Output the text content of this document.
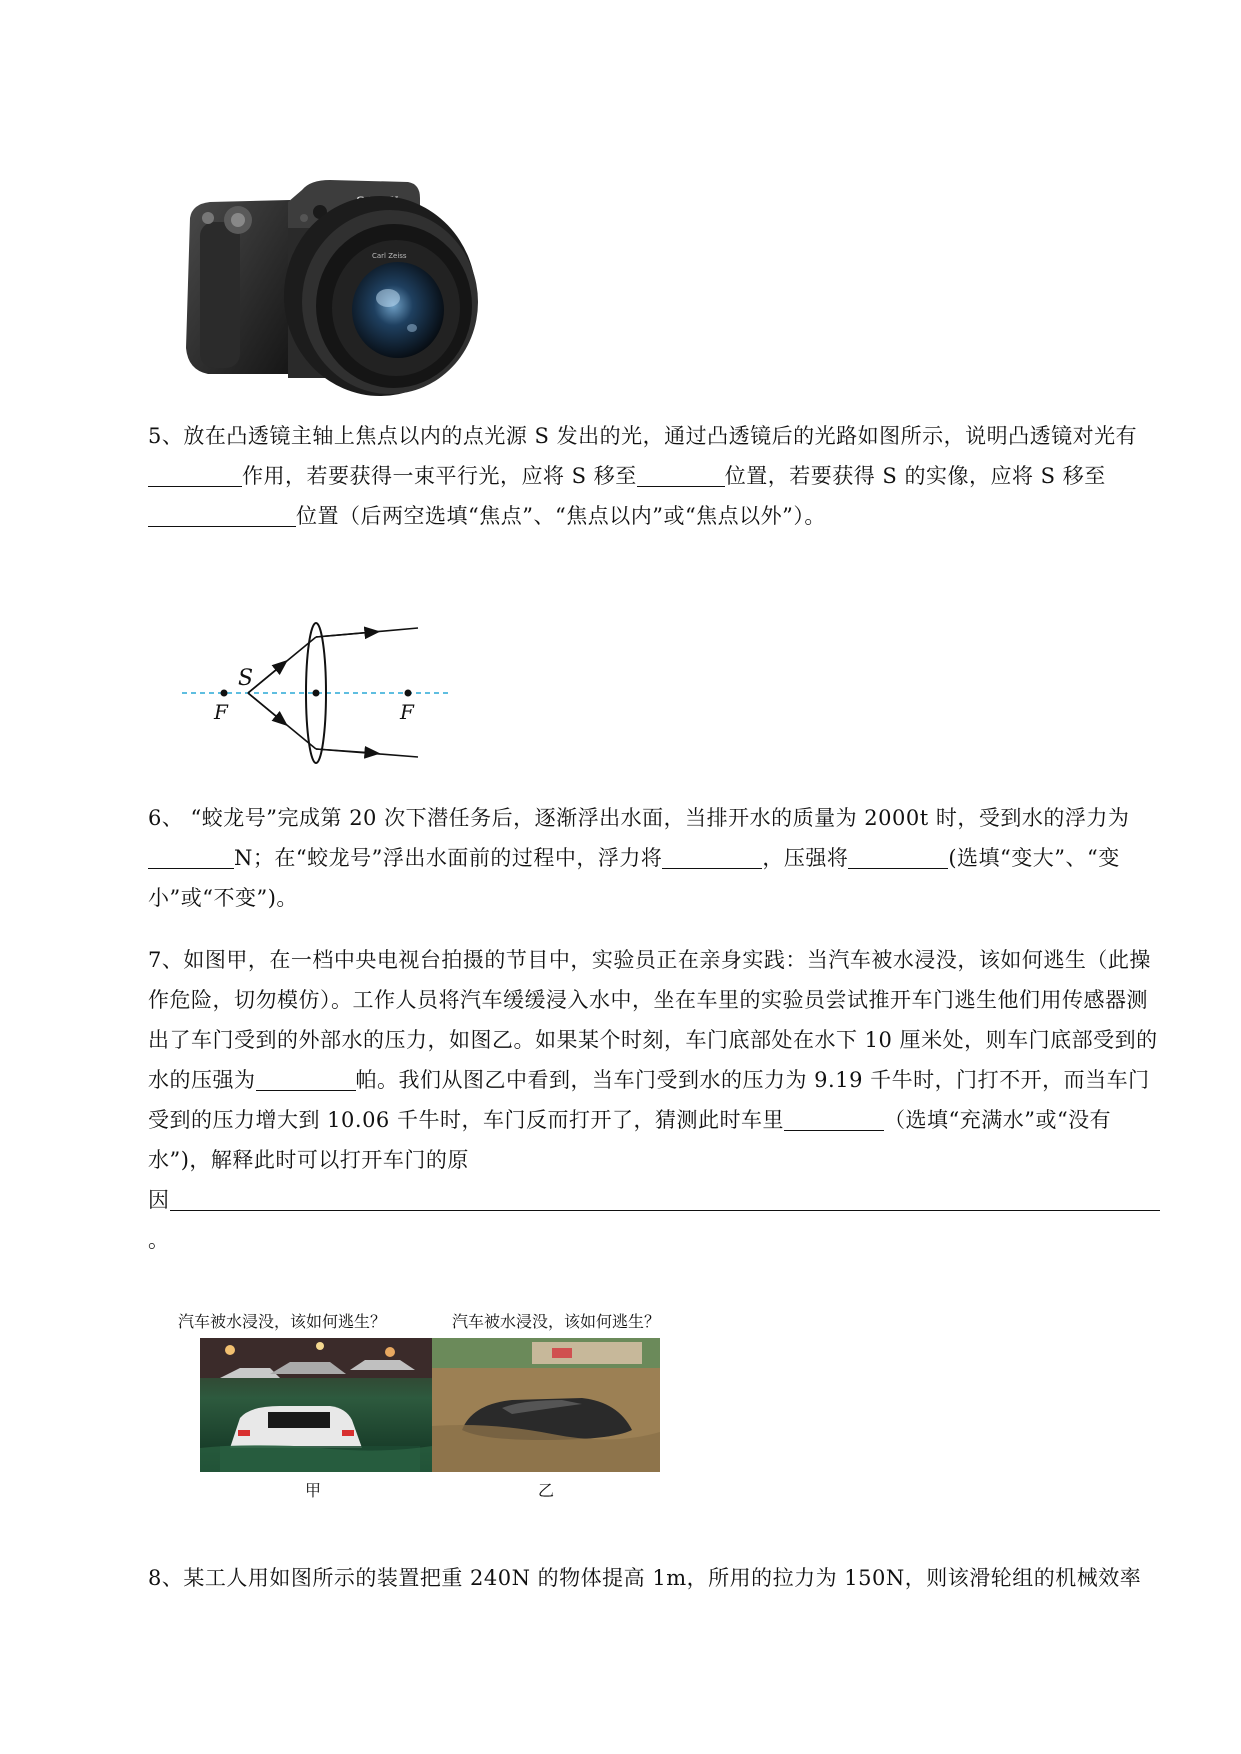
Carl Zeiss
5、放在凸透镜主轴上焦点以内的点光源 S 发出的光，通过凸透镜后的光路如图所示，说明凸透镜对光有作用，若要获得一束平行光，应将 S 移至	位置，若要获得 S 的实像，应将 S 移至位置（后两空选填“焦点”、“焦点以内”或“焦点以外”）。
S
F	F
6、 “蛟龙号”完成第 20 次下潜任务后，逐渐浮出水面，当排开水的质量为 2000t 时，受到水的浮力为N；在“蛟龙号”浮出水面前的过程中，浮力将	，压强将	(选填“变大”、“变小”或“不变”)。
7、如图甲，在一档中央电视台拍摄的节目中，实验员正在亲身实践：当汽车被水浸没，该如何逃生（此操作危险，切勿模仿）。工作人员将汽车缓缓浸入水中，坐在车里的实验员尝试推开车门逃生他们用传感器测出了车门受到的外部水的压力，如图乙。如果某个时刻，车门底部处在水下 10 厘米处，则车门底部受到的水的压强为	帕。我们从图乙中看到，当车门受到水的压力为 9.19 千牛时，门打不开，而当车门受到的压力增大到 10.06 千牛时，车门反而打开了，猜测此时车里	（选填“充满水”或“没有水”)，解释此时可以打开车门的原
因
。
汽车被水浸没，该如何逃生？	汽车被水浸没，该如何逃生？
甲	乙
8、某工人用如图所示的装置把重 240N 的物体提高 1m，所用的拉力为 150N，则该滑轮组的机械效率
